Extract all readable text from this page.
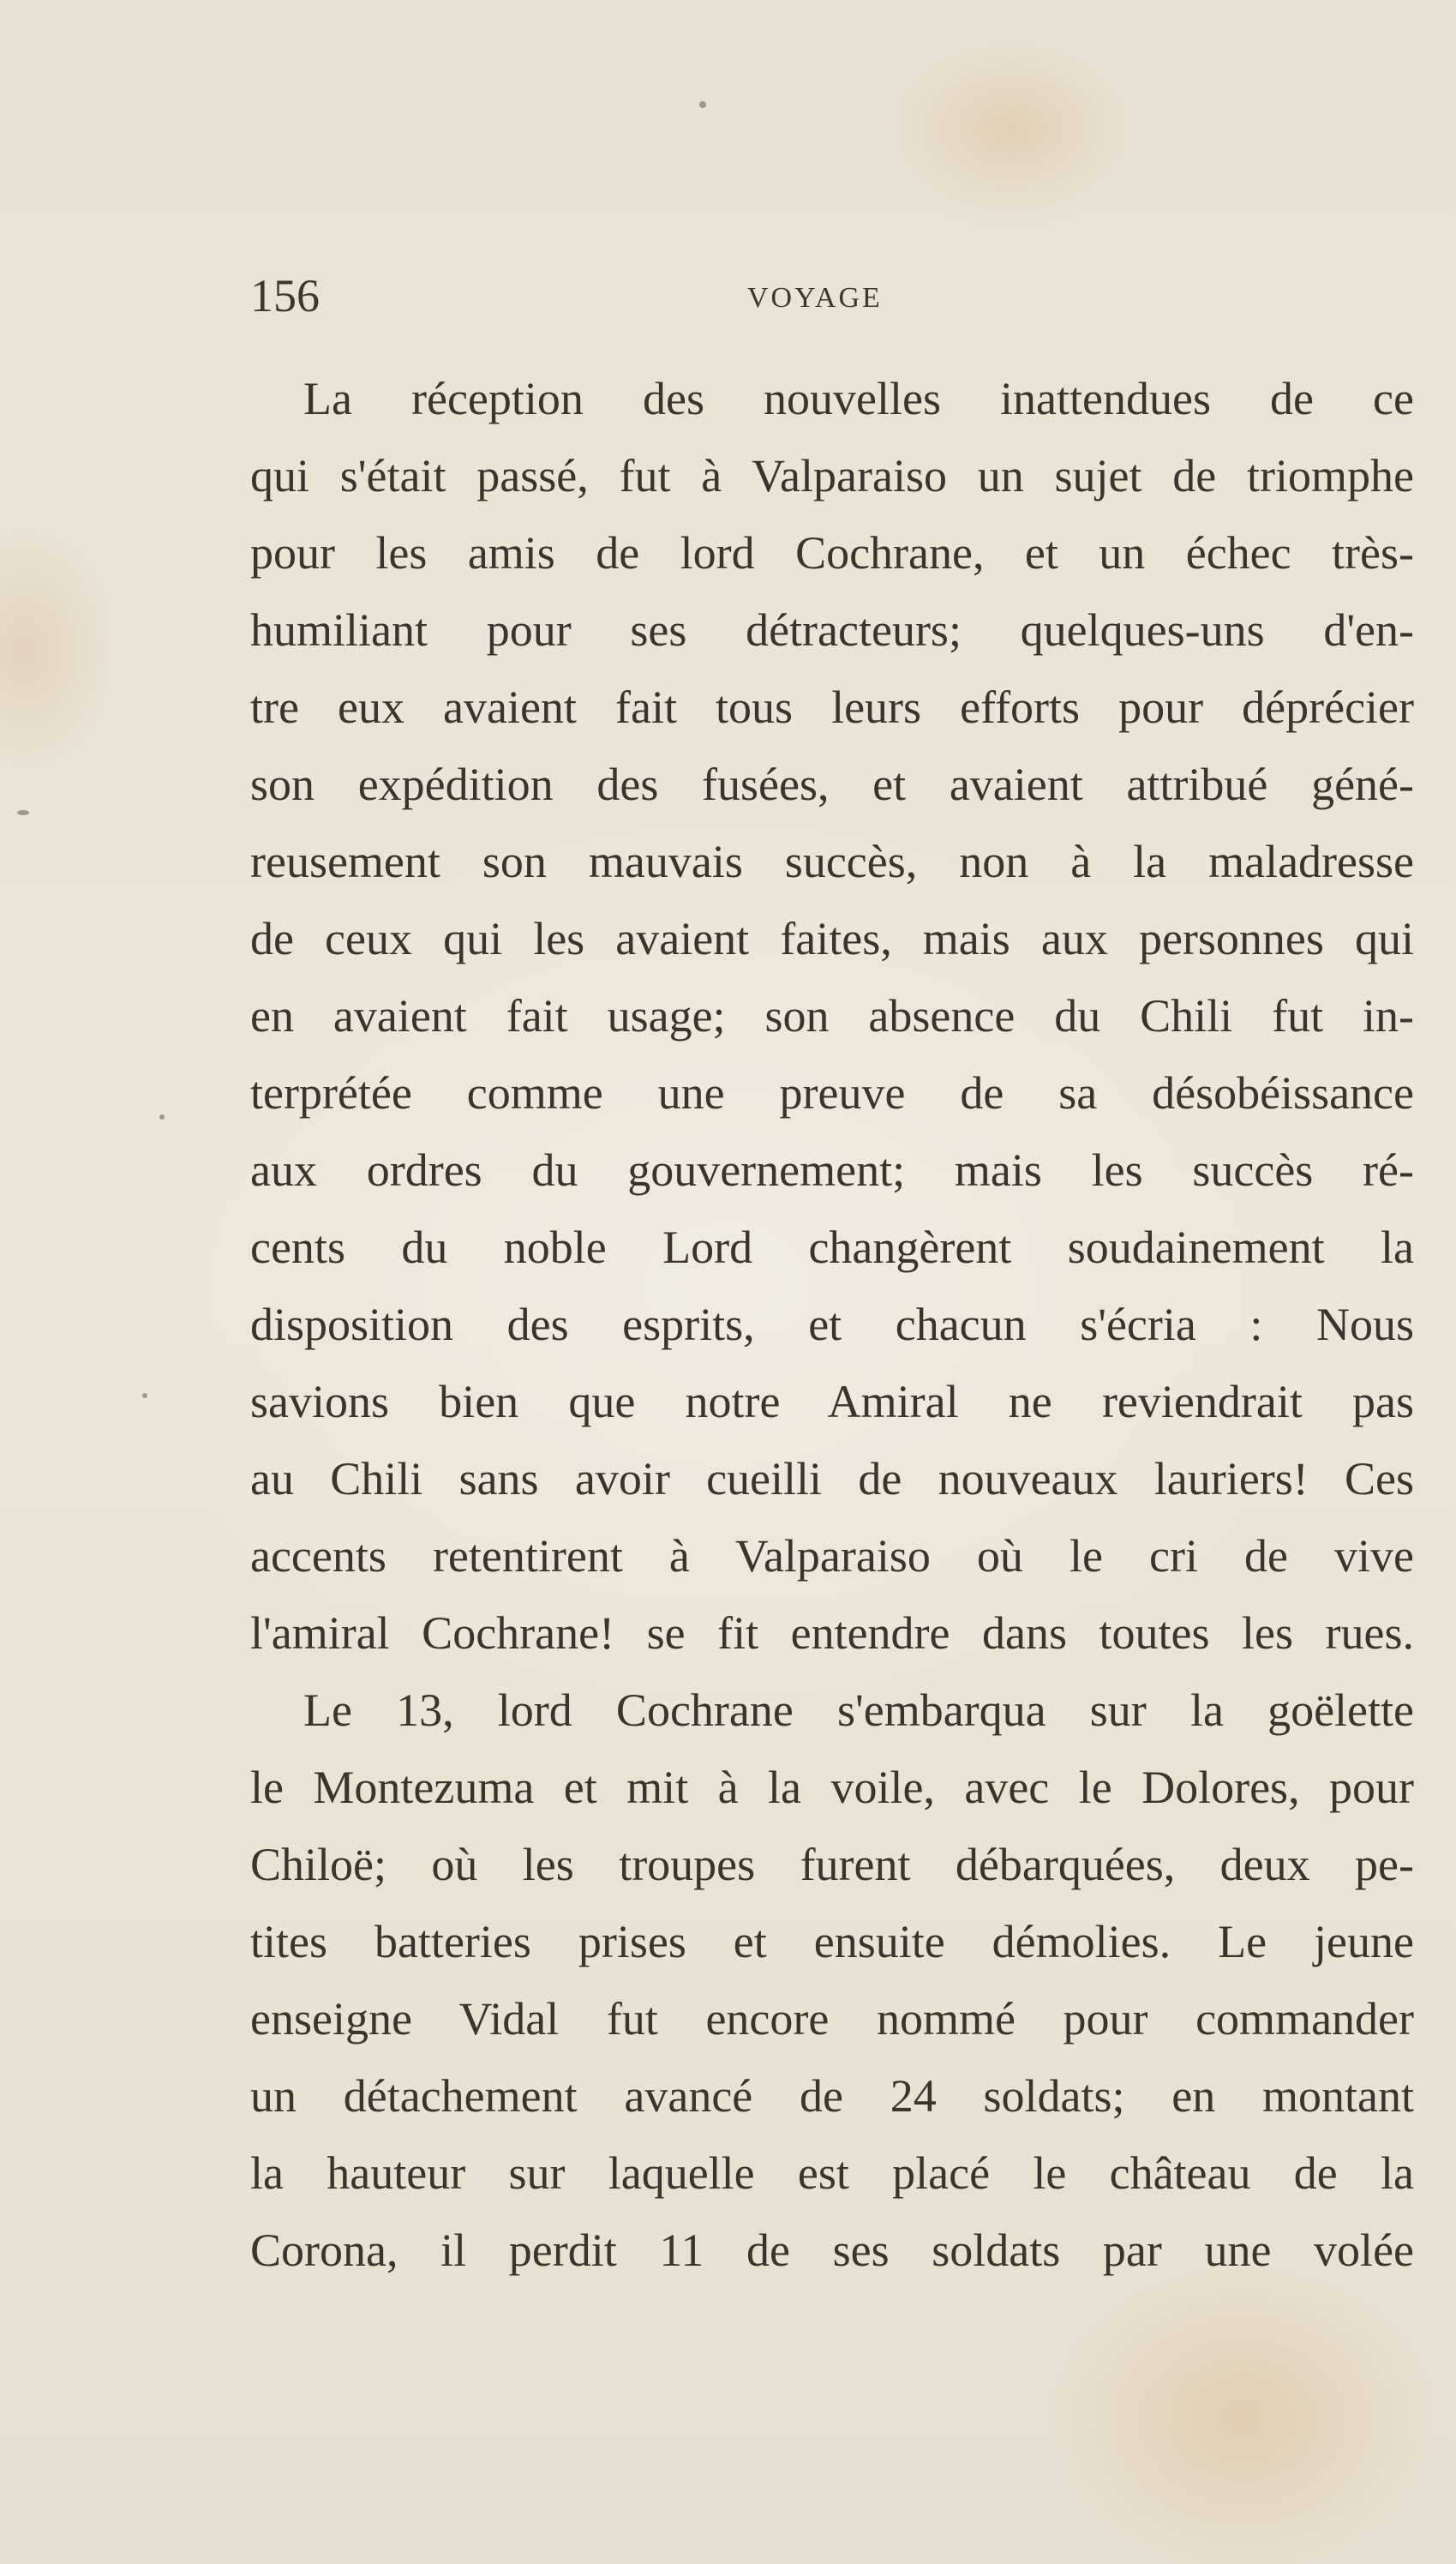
156	VOYAGE
La réception des nouvelles inattendues de ce
qui s'était passé, fut à Valparaiso un sujet de triomphe
pour les amis de lord Cochrane, et un échec très-
humiliant pour ses détracteurs; quelques-uns d'en-
tre eux avaient fait tous leurs efforts pour déprécier
son expédition des fusées, et avaient attribué géné-
reusement son mauvais succès, non à la maladresse
de ceux qui les avaient faites, mais aux personnes qui
en avaient fait usage; son absence du Chili fut in-
terprétée comme une preuve de sa désobéissance
aux ordres du gouvernement; mais les succès ré-
cents du noble Lord changèrent soudainement la
disposition des esprits, et chacun s'écria : Nous
savions bien que notre Amiral ne reviendrait pas
au Chili sans avoir cueilli de nouveaux lauriers! Ces
accents retentirent à Valparaiso où le cri de vive
l'amiral Cochrane! se fit entendre dans toutes les rues.
Le 13, lord Cochrane s'embarqua sur la goëlette
le Montezuma et mit à la voile, avec le Dolores, pour
Chiloë; où les troupes furent débarquées, deux pe-
tites batteries prises et ensuite démolies. Le jeune
enseigne Vidal fut encore nommé pour commander
un détachement avancé de 24 soldats; en montant
la hauteur sur laquelle est placé le château de la
Corona, il perdit 11 de ses soldats par une volée
